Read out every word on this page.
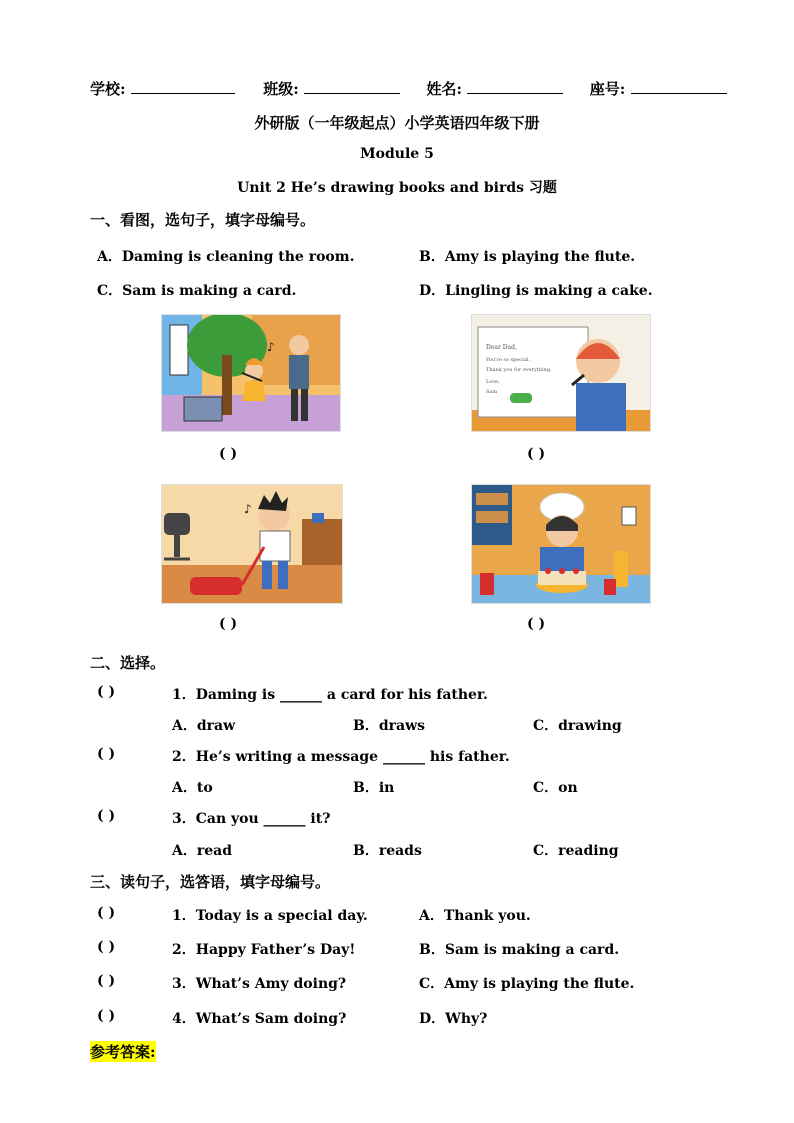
学校:	班级:	姓名:	座号:
外研版（一年级起点）小学英语四年级下册
Module 5
Unit 2 He’s drawing books and birds 习题
一、看图，选句子，填字母编号。
A．Daming is cleaning the room.	B．Amy is playing the flute.
C．Sam is making a card.	D．Lingling is making a cake.
♪	Dear Dad,
You're so special.
Thank you for everything.
Love,
Sam
( )	( )
♪
( )	( )
二、选择。
( )	1．Daming is ______ a card for his father.
A．draw	B．draws	C．drawing
( )	2．He’s writing a message ______ his father.
A．to	B．in	C．on
( )	3．Can you ______ it?
A．read	B．reads	C．reading
三、读句子，选答语，填字母编号。
( )	1．Today is a special day.	A．Thank you.
( )	2．Happy Father’s Day!	B．Sam is making a card.
( )	3．What’s Amy doing?	C．Amy is playing the flute.
( )	4．What’s Sam doing?	D．Why?
参考答案:
